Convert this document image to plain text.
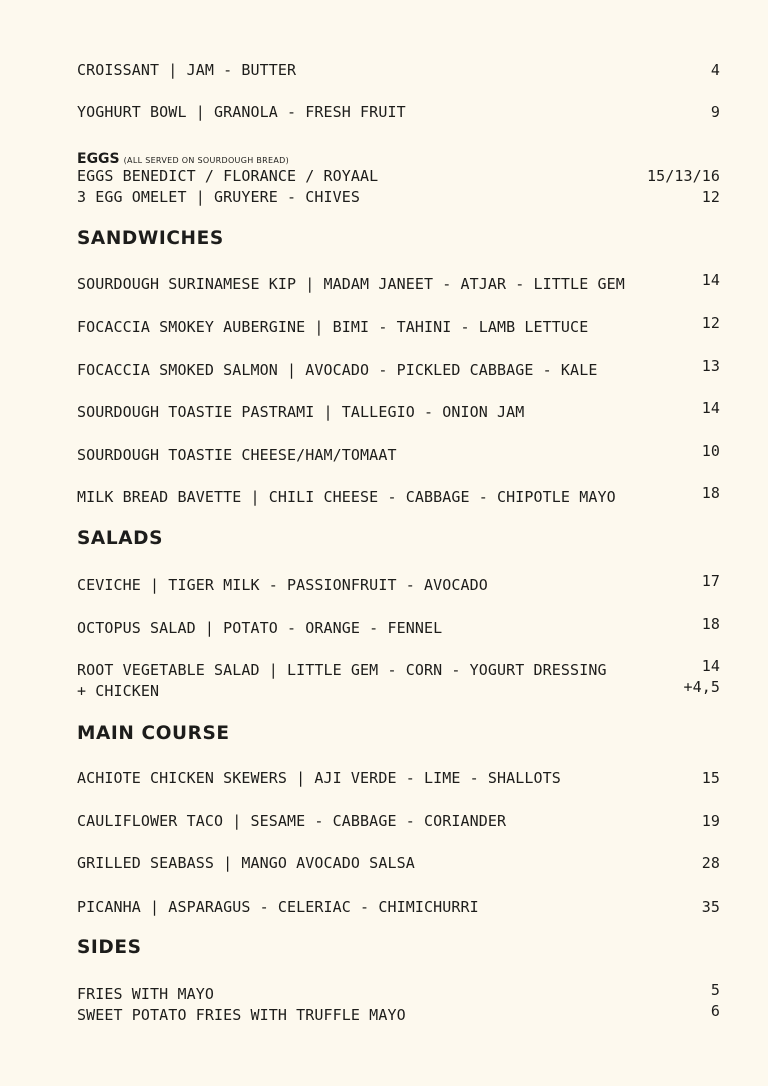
CROISSANT | JAM - BUTTER	4
YOGHURT BOWL | GRANOLA - FRESH FRUIT	9
EGGS (ALL SERVED ON SOURDOUGH BREAD)
EGGS BENEDICT / FLORANCE / ROYAAL	15/13/16
3 EGG OMELET | GRUYERE - CHIVES	12
SANDWICHES
SOURDOUGH SURINAMESE KIP | MADAM JANEET - ATJAR - LITTLE GEM	14
FOCACCIA SMOKEY AUBERGINE | BIMI - TAHINI - LAMB LETTUCE	12
FOCACCIA SMOKED SALMON | AVOCADO - PICKLED CABBAGE - KALE	13
SOURDOUGH TOASTIE PASTRAMI | TALLEGIO - ONION JAM	14
SOURDOUGH TOASTIE CHEESE/HAM/TOMAAT	10
MILK BREAD BAVETTE | CHILI CHEESE - CABBAGE - CHIPOTLE MAYO	18
SALADS
CEVICHE | TIGER MILK - PASSIONFRUIT - AVOCADO	17
OCTOPUS SALAD | POTATO - ORANGE - FENNEL	18
ROOT VEGETABLE SALAD | LITTLE GEM - CORN - YOGURT DRESSING	14
+ CHICKEN	+4,5
MAIN COURSE
ACHIOTE CHICKEN SKEWERS | AJI VERDE - LIME - SHALLOTS	15
CAULIFLOWER TACO | SESAME - CABBAGE - CORIANDER	19
GRILLED SEABASS | MANGO AVOCADO SALSA	28
PICANHA | ASPARAGUS - CELERIAC - CHIMICHURRI	35
SIDES
FRIES WITH MAYO	5
SWEET POTATO FRIES WITH TRUFFLE MAYO	6
